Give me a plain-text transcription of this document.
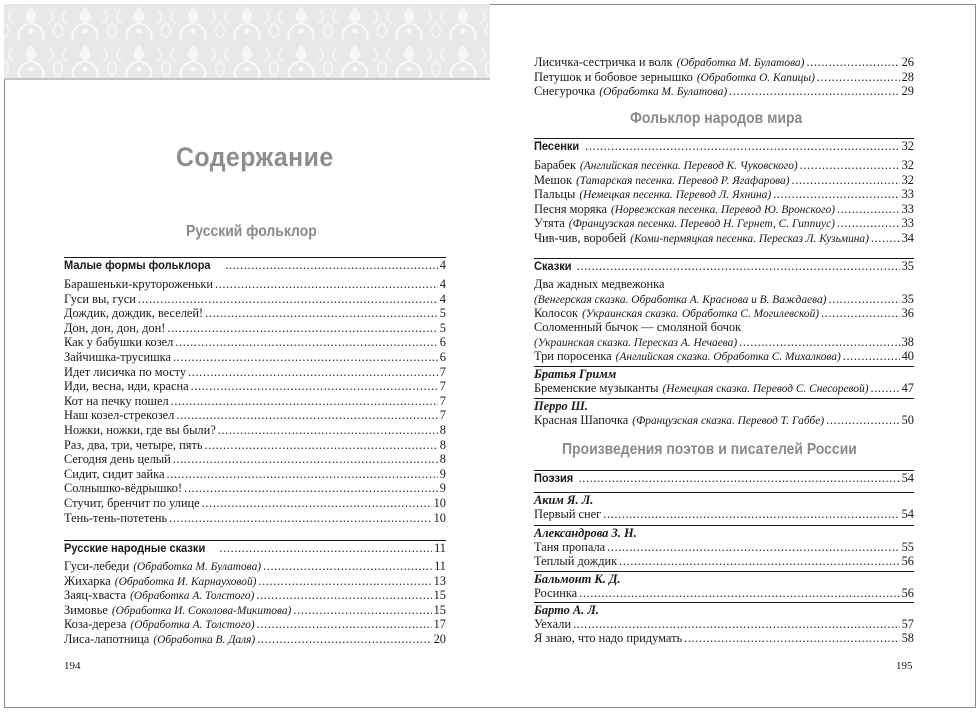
Содержание
Русский фольклор
Малые формы фольклора .....	4
Барашеньки-крутороженьки .....	4
Гуси вы, гуси .....	4
Дождик, дождик, веселей! .....	5
Дон, дон, дон, дон! .....	5
Как у бабушки козел .....	6
Зайчишка-трусишка .....	6
Идет лисичка по мосту .....	7
Иди, весна, иди, красна .....	7
Кот на печку пошел .....	7
Наш козел-стрекозел .....	7
Ножки, ножки, где вы были? .....	8
Раз, два, три, четыре, пять .....	8
Сегодня день целый .....	8
Сидит, сидит зайка .....	9
Солнышко-вёдрышко! .....	9
Стучит, бренчит по улице .....	10
Тень-тень-потетень .....	10
Русские народные сказки .....	11
Гуси-лебеди (Обработка М. Булатова) .....	11
Жихарка (Обработка И. Карнауховой) .....	13
Заяц-хваста (Обработка А. Толстого) .....	15
Зимовье (Обработка И. Соколова-Микитова) .....	15
Коза-дереза (Обработка А. Толстого) .....	17
Лиса-лапотница (Обработка В. Даля) .....	20
194
Лисичка-сестричка и волк (Обработка М. Булатова) .....	26
Петушок и бобовое зернышко (Обработка О. Капицы) .....	28
Снегурочка (Обработка М. Булатова) .....	29
Фольклор народов мира
Песенки .....	32
Барабек (Английская песенка. Перевод К. Чуковского) .....	32
Мешок (Татарская песенка. Перевод Р. Ягафарова) .....	32
Пальцы (Немецкая песенка. Перевод Л. Яхнина) .....	33
Песня моряка (Норвежская песенка. Перевод Ю. Вронского) .....	33
Утята (Французская песенка. Перевод Н. Гернет, С. Гиппиус) .....	33
Чив-чив, воробей (Коми-пермяцкая песенка. Пересказ Л. Кузьмина) .....	34
Сказки .....	35
Два жадных медвежонка
(Венгерская сказка. Обработка А. Краснова и В. Важдаева) .....	35
Колосок (Украинская сказка. Обработка С. Могилевской) .....	36
Соломенный бычок — смоляной бочок
(Украинская сказка. Пересказ А. Нечаева) .....	38
Три поросенка (Английская сказка. Обработка С. Михалкова) .....	40
Братья Гримм
Бременские музыканты (Немецкая сказка. Перевод С. Снесоревой) .....	47
Перро Ш.
Красная Шапочка (Французская сказка. Перевод Т. Габбе) .....	50
Произведения поэтов и писателей России
Поэзия .....	54
Аким Я. Л.
Первый снег .....	54
Александрова З. Н.
Таня пропала .....	55
Теплый дождик .....	56
Бальмонт К. Д.
Росинка .....	56
Барто А. Л.
Уехали .....	57
Я знаю, что надо придумать .....	58
195
